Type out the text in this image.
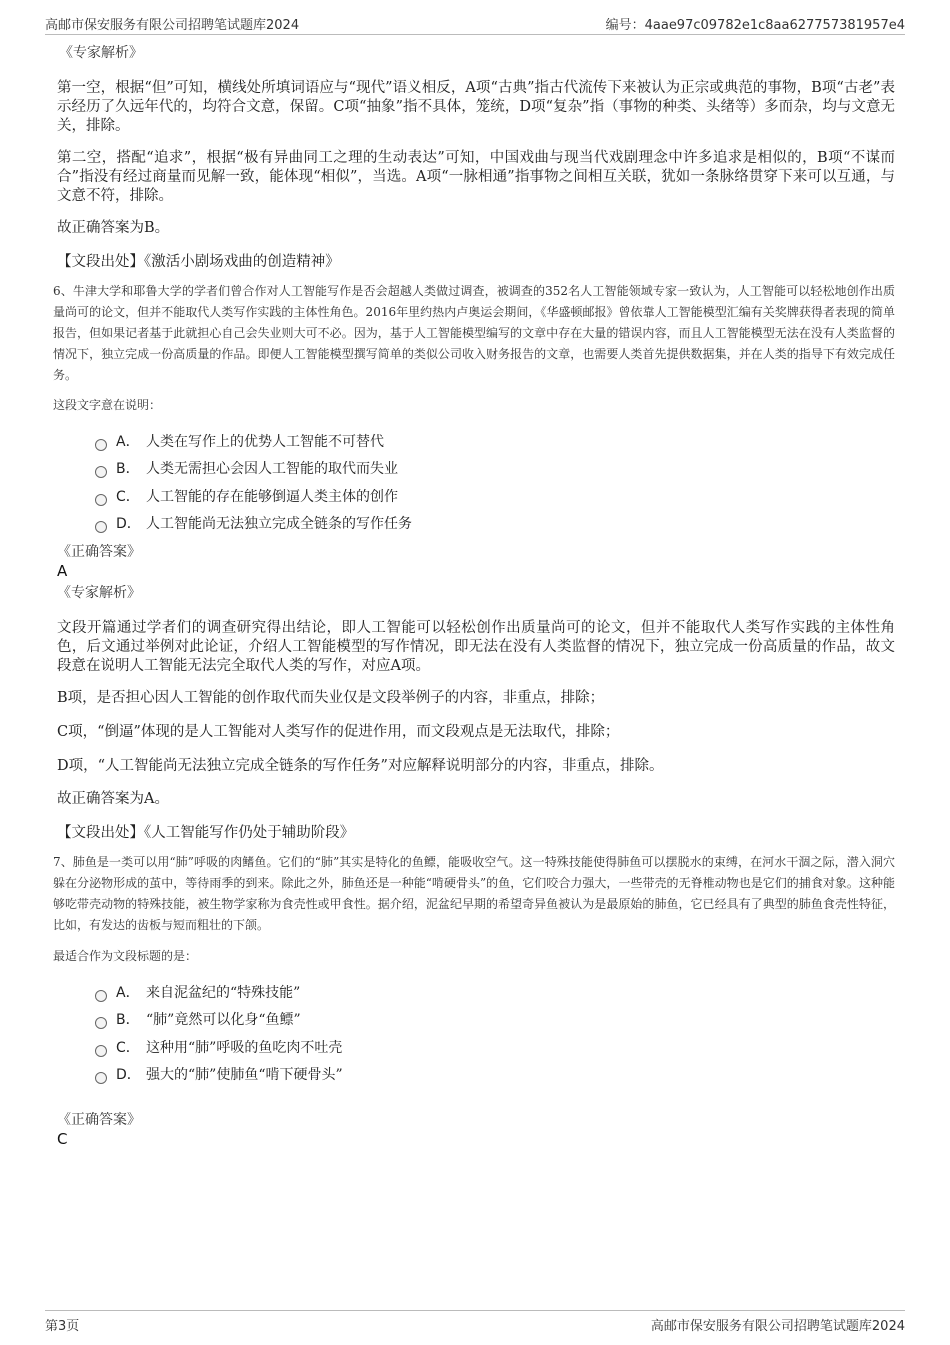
高邮市保安服务有限公司招聘笔试题库2024	编号：4aae97c09782e1c8aa627757381957e4
《专家解析》
第一空，根据“但”可知，横线处所填词语应与“现代”语义相反，A项“古典”指古代流传下来被认为正宗或典范的事物，B项“古老”表示经历了久远年代的，均符合文意，保留。C项“抽象”指不具体，笼统，D项“复杂”指（事物的种类、头绪等）多而杂，均与文意无关，排除。
第二空，搭配“追求”，根据“极有异曲同工之理的生动表达”可知，中国戏曲与现当代戏剧理念中许多追求是相似的，B项“不谋而合”指没有经过商量而见解一致，能体现“相似”，当选。A项“一脉相通”指事物之间相互关联，犹如一条脉络贯穿下来可以互通，与文意不符，排除。
故正确答案为B。
【文段出处】《激活小剧场戏曲的创造精神》
6、牛津大学和耶鲁大学的学者们曾合作对人工智能写作是否会超越人类做过调查，被调查的352名人工智能领域专家一致认为，人工智能可以轻松地创作出质量尚可的论文，但并不能取代人类写作实践的主体性角色。2016年里约热内卢奥运会期间，《华盛顿邮报》曾依靠人工智能模型汇编有关奖牌获得者表现的简单报告，但如果记者基于此就担心自己会失业则大可不必。因为，基于人工智能模型编写的文章中存在大量的错误内容，而且人工智能模型无法在没有人类监督的情况下，独立完成一份高质量的作品。即便人工智能模型撰写简单的类似公司收入财务报告的文章，也需要人类首先提供数据集，并在人类的指导下有效完成任务。
这段文字意在说明：
A． 人类在写作上的优势人工智能不可替代
B． 人类无需担心会因人工智能的取代而失业
C． 人工智能的存在能够倒逼人类主体的创作
D． 人工智能尚无法独立完成全链条的写作任务
《正确答案》
A
《专家解析》
文段开篇通过学者们的调查研究得出结论，即人工智能可以轻松创作出质量尚可的论文，但并不能取代人类写作实践的主体性角色，后文通过举例对此论证，介绍人工智能模型的写作情况，即无法在没有人类监督的情况下，独立完成一份高质量的作品，故文段意在说明人工智能无法完全取代人类的写作，对应A项。
B项，是否担心因人工智能的创作取代而失业仅是文段举例子的内容，非重点，排除；
C项，“倒逼”体现的是人工智能对人类写作的促进作用，而文段观点是无法取代，排除；
D项，“人工智能尚无法独立完成全链条的写作任务”对应解释说明部分的内容，非重点，排除。
故正确答案为A。
【文段出处】《人工智能写作仍处于辅助阶段》
7、肺鱼是一类可以用“肺”呼吸的肉鳍鱼。它们的“肺”其实是特化的鱼鳔，能吸收空气。这一特殊技能使得肺鱼可以摆脱水的束缚，在河水干涸之际，潜入洞穴躲在分泌物形成的茧中，等待雨季的到来。除此之外，肺鱼还是一种能“啃硬骨头”的鱼，它们咬合力强大，一些带壳的无脊椎动物也是它们的捕食对象。这种能够吃带壳动物的特殊技能，被生物学家称为食壳性或甲食性。据介绍，泥盆纪早期的希望奇异鱼被认为是最原始的肺鱼，它已经具有了典型的肺鱼食壳性特征，比如，有发达的齿板与短而粗壮的下颌。
最适合作为文段标题的是：
A． 来自泥盆纪的“特殊技能”
B． “肺”竟然可以化身“鱼鳔”
C． 这种用“肺”呼吸的鱼吃肉不吐壳
D． 强大的“肺”使肺鱼“啃下硬骨头”
《正确答案》
C
第3页	高邮市保安服务有限公司招聘笔试题库2024
